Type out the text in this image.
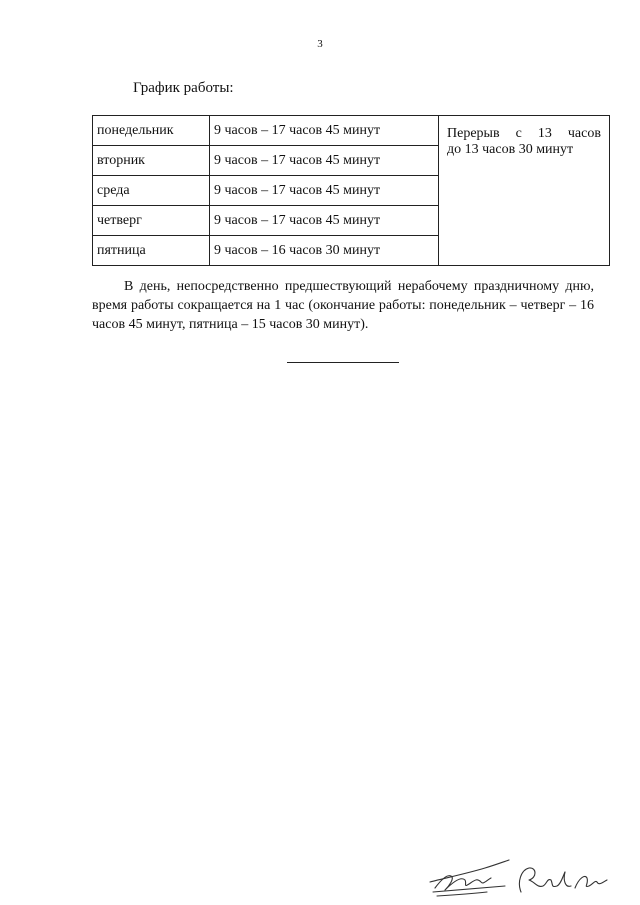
3
График работы:
понедельник	9 часов – 17 часов 45 минут	Перерыв с 13 часов
до 13 часов 30 минут

вторник	9 часов – 17 часов 45 минут	
среда	9 часов – 17 часов 45 минут	
четверг	9 часов – 17 часов 45 минут	
пятница	9 часов – 16 часов 30 минут	

В день, непосредственно предшествующий нерабочему праздничному дню, время работы сокращается на 1 час (окончание работы: понедельник – четверг – 16 часов 45 минут, пятница – 15 часов 30 минут).
